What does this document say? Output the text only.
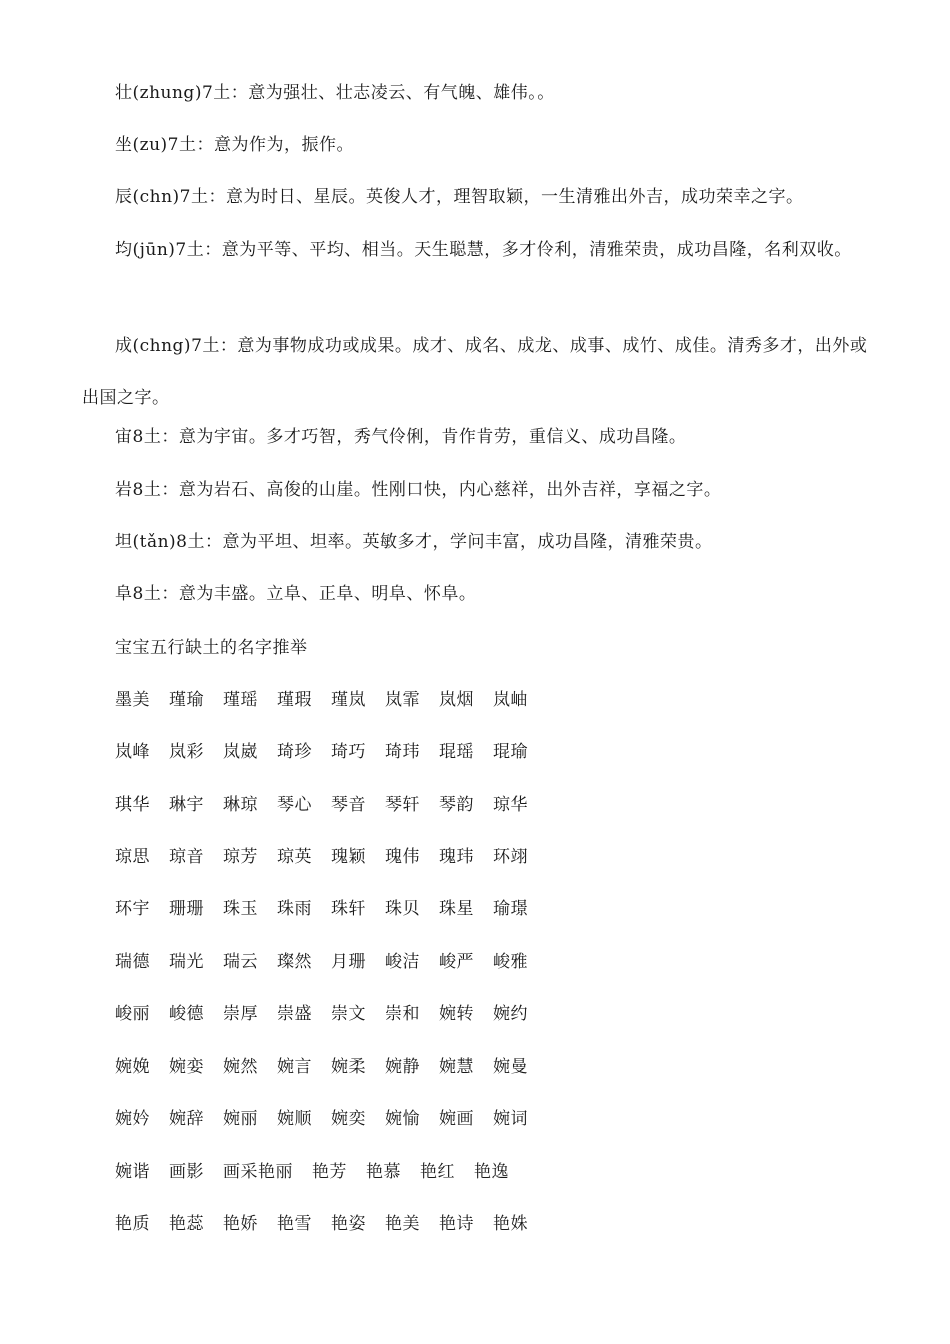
壮(zhung)7土：意为强壮、壮志凌云、有气魄、雄伟。。

坐(zu)7土：意为作为，振作。

辰(chn)7土：意为时日、星辰。英俊人才，理智取颖，一生清雅出外吉，成功荣幸之字。

均(jūn)7土：意为平等、平均、相当。天生聪慧，多才伶利，清雅荣贵，成功昌隆，名利双收。

成(chng)7土：意为事物成功或成果。成才、成名、成龙、成事、成竹、成佳。清秀多才，出外或出国之字。

宙8土：意为宇宙。多才巧智，秀气伶俐，肯作肯劳，重信义、成功昌隆。

岩8土：意为岩石、高俊的山崖。性刚口快，内心慈祥，出外吉祥，享福之字。

坦(tǎn)8土：意为平坦、坦率。英敏多才，学问丰富，成功昌隆，清雅荣贵。

阜8土：意为丰盛。立阜、正阜、明阜、怀阜。

宝宝五行缺土的名字推举

墨美 瑾瑜 瑾瑶 瑾瑕 瑾岚 岚霏 岚烟 岚岫
岚峰 岚彩 岚崴 琦珍 琦巧 琦玮 琨瑶 琨瑜
琪华 琳宇 琳琼 琴心 琴音 琴轩 琴韵 琼华
琼思 琼音 琼芳 琼英 瑰颖 瑰伟 瑰玮 环翊
环宇 珊珊 珠玉 珠雨 珠轩 珠贝 珠星 瑜璟
瑞德 瑞光 瑞云 璨然 月珊 峻洁 峻严 峻雅
峻丽 峻德 崇厚 崇盛 崇文 崇和 婉转 婉约
婉娩 婉娈 婉然 婉言 婉柔 婉静 婉慧 婉曼
婉妗 婉辞 婉丽 婉顺 婉奕 婉愉 婉画 婉词
婉谐 画影 画采艳丽 艳芳 艳慕 艳红 艳逸
艳质 艳蕊 艳娇 艳雪 艳姿 艳美 艳诗 艳姝
